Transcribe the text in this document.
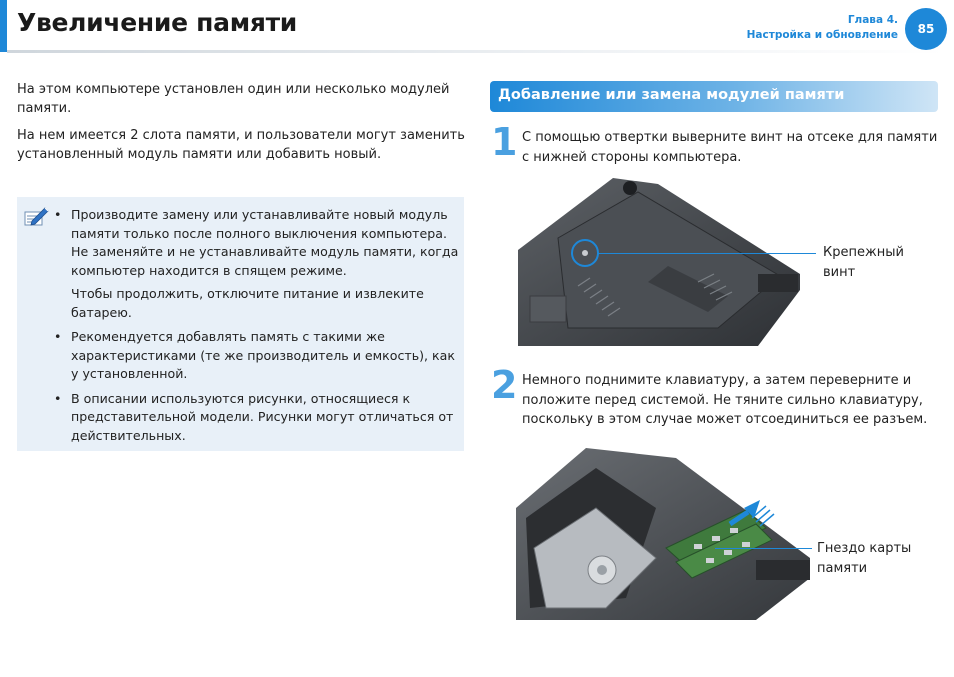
Увеличение памяти	Глава 4.
Настройка и обновление	85

На этом компьютере установлен один или несколько модулей памяти.

На нем имеется 2 слота памяти, и пользователи могут заменить установленный модуль памяти или добавить новый.

• Производите замену или устанавливайте новый модуль памяти только после полного выключения компьютера. Не заменяйте и не устанавливайте модуль памяти, когда компьютер находится в спящем режиме.
Чтобы продолжить, отключите питание и извлеките батарею.
• Рекомендуется добавлять память с такими же характеристиками (те же производитель и емкость), как у установленной.
• В описании используются рисунки, относящиеся к представительной модели. Рисунки могут отличаться от действительных.
Добавление или замена модулей памяти
1 С помощью отвертки выверните винт на отсеке для памяти с нижней стороны компьютера.
Крепежный винт
2 Немного поднимите клавиатуру, а затем переверните и положите перед системой. Не тяните сильно клавиатуру, поскольку в этом случае может отсоединиться ее разъем.
Гнездо карты памяти
